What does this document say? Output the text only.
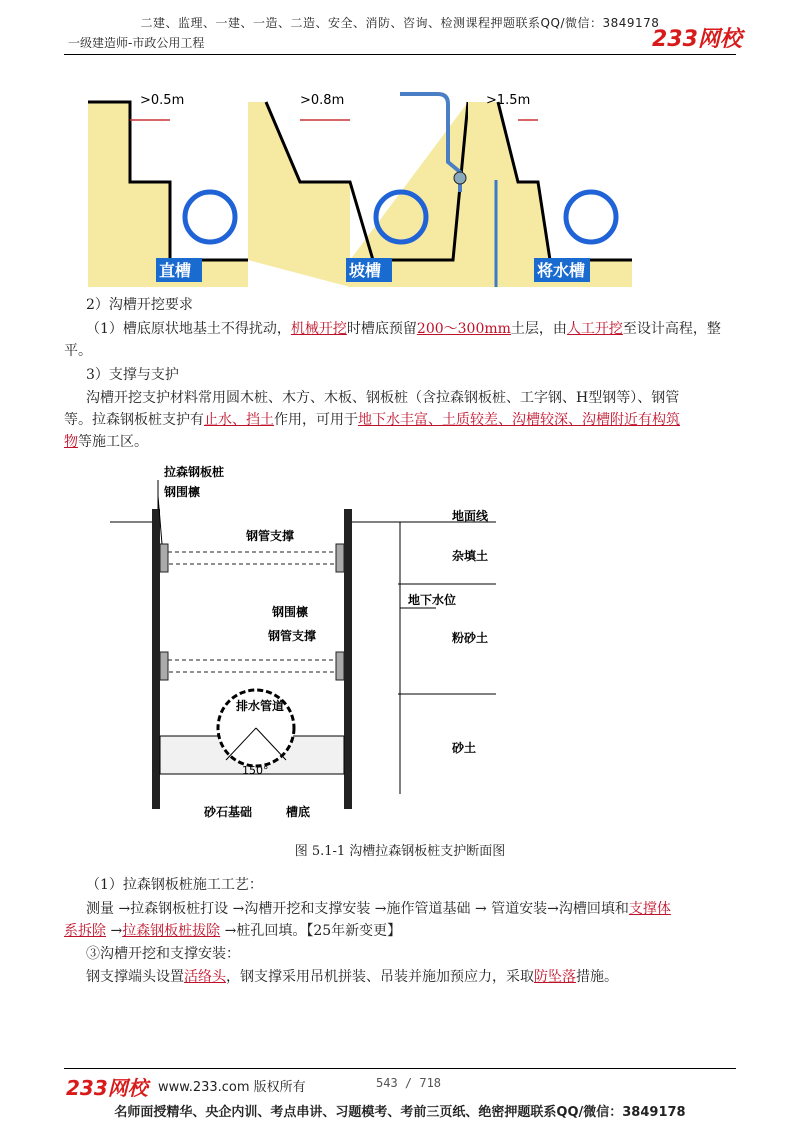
二建、监理、一建、一造、二造、安全、消防、咨询、检测课程押题联系QQ/微信：3849178
一级建造师-市政公用工程	233网校
>0.5m	>0.8m	>1.5m
直槽	坡槽	将水槽
2）沟槽开挖要求
（1）槽底原状地基土不得扰动，机械开挖时槽底预留200～300mm土层，由人工开挖至设计高程，整
平。
3）支撑与支护
沟槽开挖支护材料常用圆木桩、木方、木板、钢板桩（含拉森钢板桩、工字钢、H型钢等）、钢管
等。拉森钢板桩支护有止水、挡土作用，可用于地下水丰富、土质较差、沟槽较深、沟槽附近有构筑
物等施工区。
拉森钢板桩
钢围檩
钢管支撑
地面线
杂填土
地下水位
粉砂土
钢围檩
钢管支撑
排水管道
150°
砂土
砂石基础	槽底
图 5.1-1 沟槽拉森钢板桩支护断面图
（1）拉森钢板桩施工工艺：
测量 →拉森钢板桩打设 →沟槽开挖和支撑安装 →施作管道基础 → 管道安装→沟槽回填和支撑体
系拆除 →拉森钢板桩拔除 →桩孔回填。【25年新变更】
③沟槽开挖和支撑安装：
钢支撑端头设置活络头，钢支撑采用吊机拼装、吊装并施加预应力，采取防坠落措施。
233网校 www.233.com 版权所有	543 / 718
名师面授精华、央企内训、考点串讲、习题模考、考前三页纸、绝密押题联系QQ/微信：3849178
